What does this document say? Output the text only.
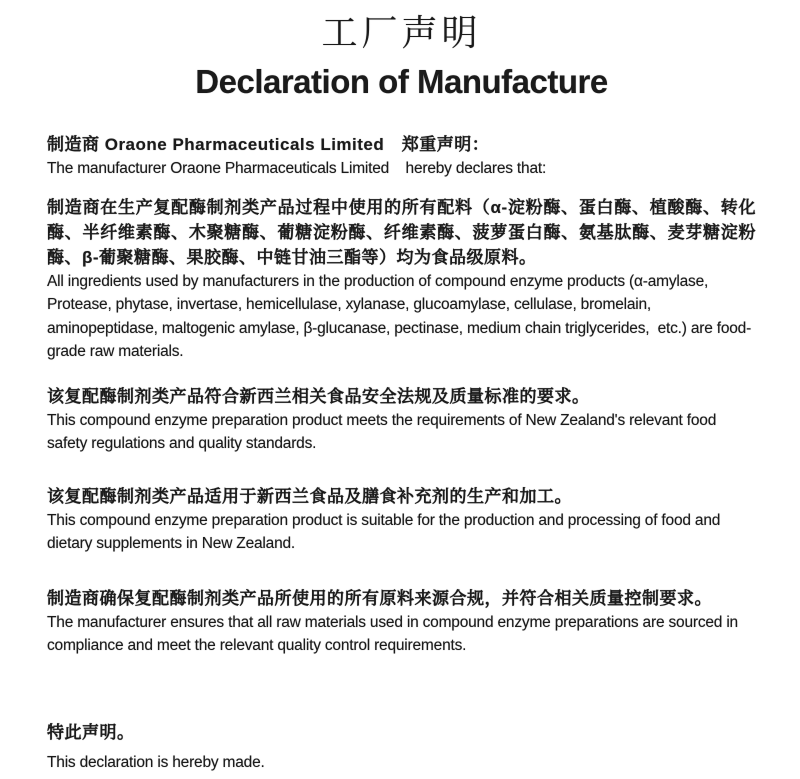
工厂声明
Declaration of Manufacture
制造商 Oraone Pharmaceuticals Limited　郑重声明：
The manufacturer Oraone Pharmaceuticals Limited    hereby declares that:
制造商在生产复配酶制剂类产品过程中使用的所有配料（α-淀粉酶、蛋白酶、植酸酶、转化酶、半纤维素酶、木聚糖酶、葡糖淀粉酶、纤维素酶、菠萝蛋白酶、氨基肽酶、麦芽糖淀粉酶、β-葡聚糖酶、果胶酶、中链甘油三酯等）均为食品级原料。
All ingredients used by manufacturers in the production of compound enzyme products (α-amylase, Protease, phytase, invertase, hemicellulase, xylanase, glucoamylase, cellulase, bromelain, aminopeptidase, maltogenic amylase, β-glucanase, pectinase, medium chain triglycerides,  etc.) are food-grade raw materials.
该复配酶制剂类产品符合新西兰相关食品安全法规及质量标准的要求。
This compound enzyme preparation product meets the requirements of New Zealand's relevant food safety regulations and quality standards.
该复配酶制剂类产品适用于新西兰食品及膳食补充剂的生产和加工。
This compound enzyme preparation product is suitable for the production and processing of food and dietary supplements in New Zealand.
制造商确保复配酶制剂类产品所使用的所有原料来源合规，并符合相关质量控制要求。
The manufacturer ensures that all raw materials used in compound enzyme preparations are sourced in compliance and meet the relevant quality control requirements.
特此声明。
This declaration is hereby made.
